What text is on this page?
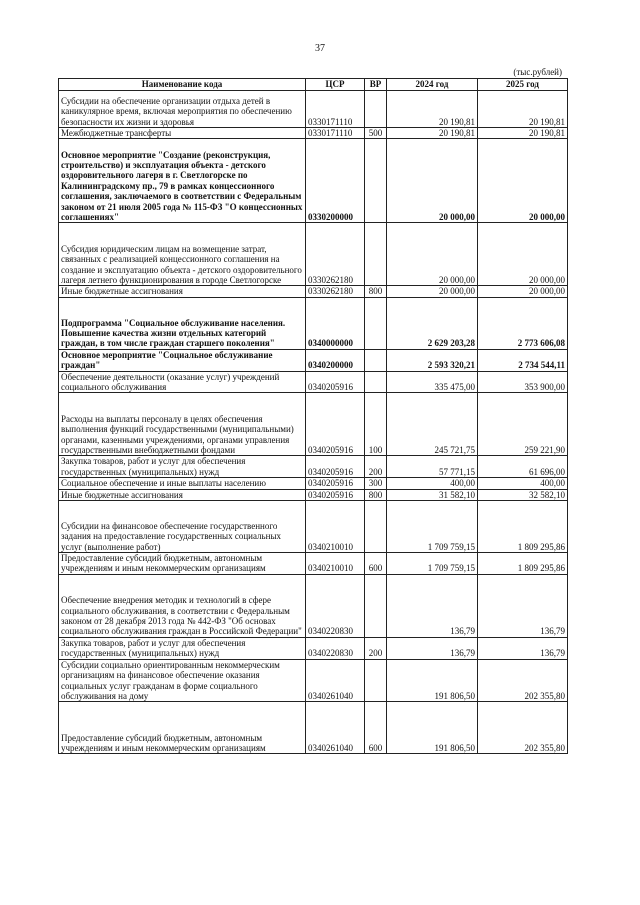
37
(тыс.рублей)
Наименование кода	ЦСР	ВР	2024 год	2025 год
Субсидии на обеспечение организации отдыха детей в каникулярное время, включая мероприятия по обеспечению безопасности их жизни и здоровья	0330171110		20 190,81	20 190,81
Межбюджетные трансферты	0330171110	500	20 190,81	20 190,81
Основное мероприятие "Создание (реконструкция, строительство) и эксплуатация объекта - детского оздоровительного лагеря в г. Светлогорске по Калининградскому пр., 79 в рамках концессионного соглашения, заключаемого в соответствии с Федеральным законом от 21 июля 2005 года № 115-ФЗ "О концессионных соглашениях"	0330200000		20 000,00	20 000,00
Субсидия юридическим лицам на возмещение затрат, связанных с реализацией концессионного соглашения на создание и эксплуатацию объекта - детского оздоровительного лагеря летнего функционирования в городе Светлогорске	0330262180		20 000,00	20 000,00
Иные бюджетные ассигнования	0330262180	800	20 000,00	20 000,00
Подпрограмма "Социальное обслуживание населения. Повышение качества жизни отдельных категорий граждан, в том числе граждан старшего поколения"	0340000000		2 629 203,28	2 773 606,08
Основное мероприятие "Социальное обслуживание граждан"	0340200000		2 593 320,21	2 734 544,11
Обеспечение деятельности (оказание услуг) учреждений социального обслуживания	0340205916		335 475,00	353 900,00
Расходы на выплаты персоналу в целях обеспечения выполнения функций государственными (муниципальными) органами, казенными учреждениями, органами управления государственными внебюджетными фондами	0340205916	100	245 721,75	259 221,90
Закупка товаров, работ и услуг для обеспечения государственных (муниципальных) нужд	0340205916	200	57 771,15	61 696,00
Социальное обеспечение и иные выплаты населению	0340205916	300	400,00	400,00
Иные бюджетные ассигнования	0340205916	800	31 582,10	32 582,10
Субсидии на финансовое обеспечение государственного задания на предоставление государственных социальных услуг (выполнение работ)	0340210010		1 709 759,15	1 809 295,86
Предоставление субсидий бюджетным, автономным учреждениям и иным некоммерческим организациям	0340210010	600	1 709 759,15	1 809 295,86
Обеспечение внедрения методик и технологий в сфере социального обслуживания, в соответствии с Федеральным законом от 28 декабря 2013 года № 442-ФЗ "Об основах социального обслуживания граждан в Российской Федерации"	0340220830		136,79	136,79
Закупка товаров, работ и услуг для обеспечения государственных (муниципальных) нужд	0340220830	200	136,79	136,79
Субсидии социально ориентированным некоммерческим организациям на финансовое обеспечение оказания социальных услуг гражданам в форме социального обслуживания на дому	0340261040		191 806,50	202 355,80
Предоставление субсидий бюджетным, автономным учреждениям и иным некоммерческим организациям	0340261040	600	191 806,50	202 355,80
